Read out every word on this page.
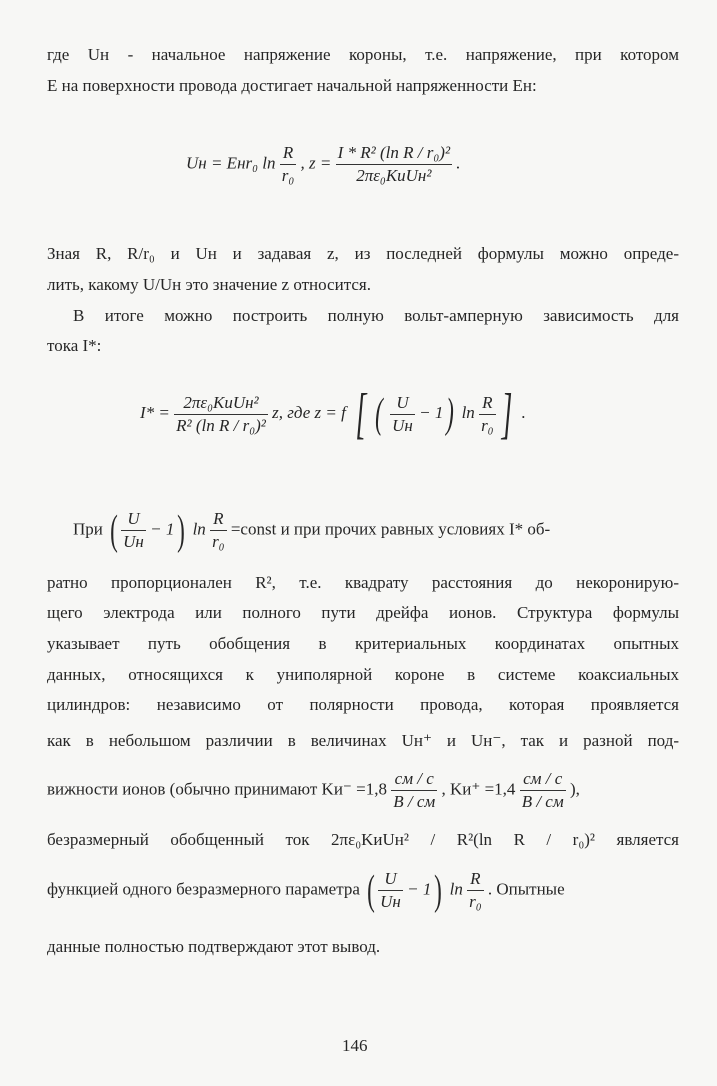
где Uн - начальное напряжение короны, т.е. напряжение, при котором
E на поверхности провода достигает начальной напряженности Eн:
Uн = Eнr₀ $\ln \frac{R}{\text{r₀}}$ , $z = \frac{\text{I * R² (ln R / r₀)²}}{\text{2πε₀KиUн²}}$ .
Зная R, R/r₀ и Uн и задавая z, из последней формулы можно опреде-
лить, какому U/Uн это значение z относится.
В итоге можно построить полную вольт-амперную зависимость для
тока I*:
$I* = \frac{\text{2πε₀KиUн²}}{\text{R² (ln R / r₀)²}} z$, где z = f [ ( $\frac{U}{Uн} - 1$) $\ln \frac{R}{\text{r₀}}$ ] .
При ( $\frac{U}{Uн} - 1$) $\ln \frac{R}{\text{r₀}}$ =const и при прочих равных условиях I* об-
ратно пропорционален R², т.е. квадрату расстояния до некоронирую-
щего электрода или полного пути дрейфа ионов. Структура формулы
указывает путь обобщения в критериальных координатах опытных
данных, относящихся к униполярной короне в системе коаксиальных
цилиндров: независимо от полярности провода, которая проявляется
как в небольшом различии в величинах Uн⁺ и Uн⁻, так и разной под-
вижности ионов (обычно принимают $Kи^- =1,8 \frac{см / с}{В / см}$ , $Kи^+ =1,4 \frac{см / с}{В / см}$ ),
безразмерный обобщенный ток 2πε₀KиUн² / R²(ln R / r₀)² является
функцией одного безразмерного параметра ( $\frac{U}{Uн} - 1$) $\ln \frac{R}{\text{r₀}}$ . Опытные
данные полностью подтверждают этот вывод.
146
